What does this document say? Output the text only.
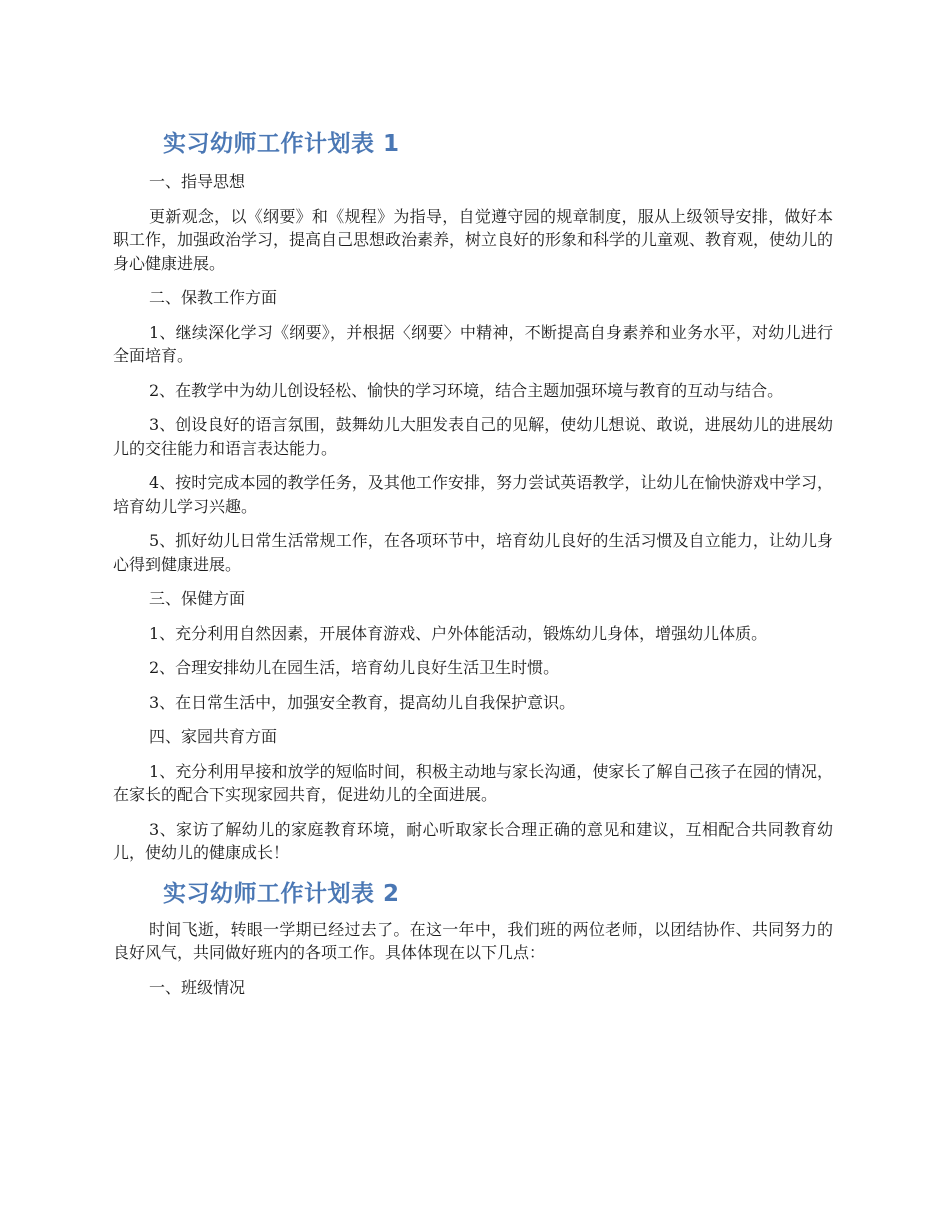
实习幼师工作计划表 1

一、指导思想

更新观念，以《纲要》和《规程》为指导，自觉遵守园的规章制度，服从上级领导安排，做好本职工作，加强政治学习，提高自己思想政治素养，树立良好的形象和科学的儿童观、教育观，使幼儿的身心健康进展。

二、保教工作方面

1、继续深化学习《纲要》，并根据〈纲要〉中精神，不断提高自身素养和业务水平，对幼儿进行全面培育。

2、在教学中为幼儿创设轻松、愉快的学习环境，结合主题加强环境与教育的互动与结合。

3、创设良好的语言氛围，鼓舞幼儿大胆发表自己的见解，使幼儿想说、敢说，进展幼儿的进展幼儿的交往能力和语言表达能力。

4、按时完成本园的教学任务，及其他工作安排，努力尝试英语教学，让幼儿在愉快游戏中学习，培育幼儿学习兴趣。

5、抓好幼儿日常生活常规工作，在各项环节中，培育幼儿良好的生活习惯及自立能力，让幼儿身心得到健康进展。

三、保健方面

1、充分利用自然因素，开展体育游戏、户外体能活动，锻炼幼儿身体，增强幼儿体质。

2、合理安排幼儿在园生活，培育幼儿良好生活卫生时惯。

3、在日常生活中，加强安全教育，提高幼儿自我保护意识。

四、家园共育方面

1、充分利用早接和放学的短临时间，积极主动地与家长沟通，使家长了解自己孩子在园的情况，在家长的配合下实现家园共育，促进幼儿的全面进展。

3、家访了解幼儿的家庭教育环境，耐心听取家长合理正确的意见和建议，互相配合共同教育幼儿，使幼儿的健康成长！

实习幼师工作计划表 2

时间飞逝，转眼一学期已经过去了。在这一年中，我们班的两位老师，以团结协作、共同努力的良好风气，共同做好班内的各项工作。具体体现在以下几点：

一、班级情况
